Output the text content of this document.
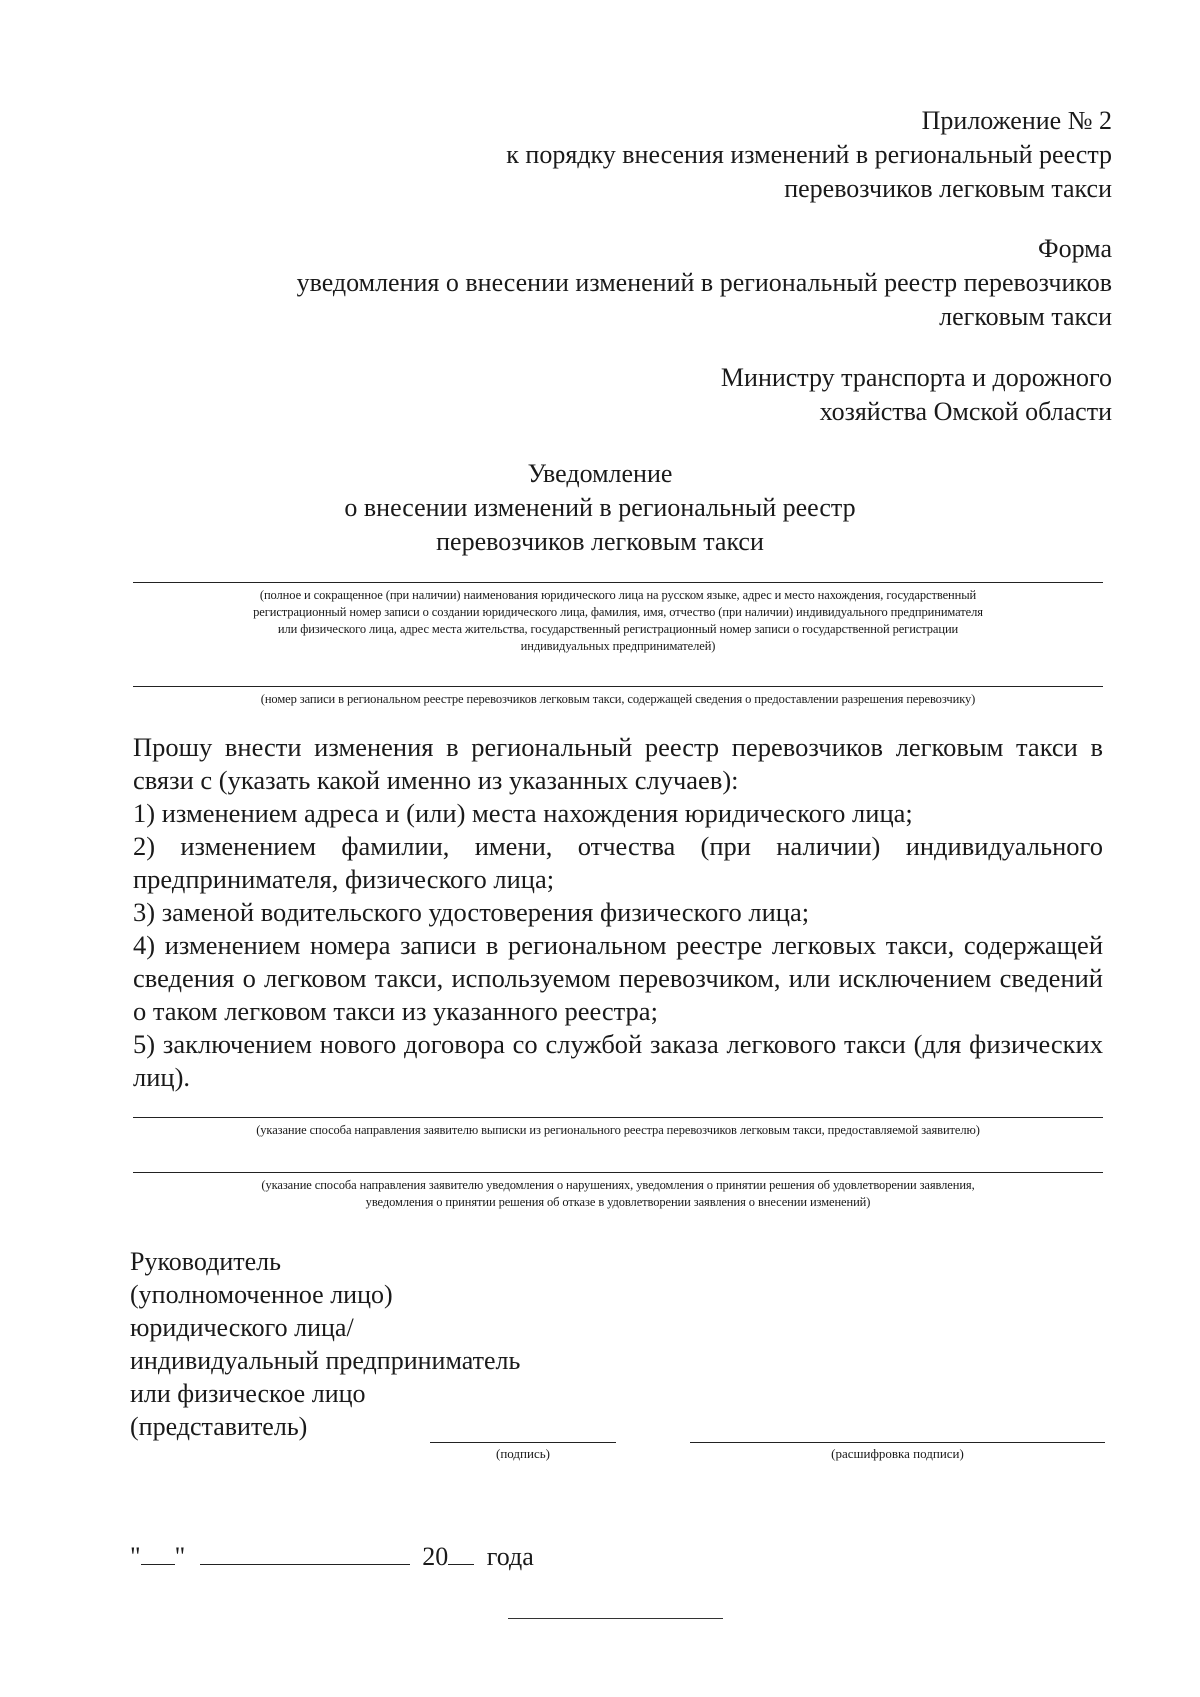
Приложение № 2
к порядку внесения изменений в региональный реестр
перевозчиков легковым такси
Форма
уведомления о внесении изменений в региональный реестр перевозчиков
легковым такси
Министру транспорта и дорожного
хозяйства Омской области
Уведомление
о внесении изменений в региональный реестр
перевозчиков легковым такси
(полное и сокращенное (при наличии) наименования юридического лица на русском языке, адрес и место нахождения, государственный
регистрационный номер записи о создании юридического лица, фамилия, имя, отчество (при наличии) индивидуального предпринимателя
или физического лица, адрес места жительства, государственный регистрационный номер записи о государственной регистрации
индивидуальных предпринимателей)
(номер записи в региональном реестре перевозчиков легковым такси, содержащей сведения о предоставлении разрешения перевозчику)

Прошу внести изменения в региональный реестр перевозчиков легковым такси в связи с (указать какой именно из указанных случаев):

1) изменением адреса и (или) места нахождения юридического лица;

2) изменением фамилии, имени, отчества (при наличии) индивидуального предпринимателя, физического лица;

3) заменой водительского удостоверения физического лица;

4) изменением номера записи в региональном реестре легковых такси, содержащей сведения о легковом такси, используемом перевозчиком, или исключением сведений о таком легковом такси из указанного реестра;

5) заключением нового договора со службой заказа легкового такси (для физических лиц).

(указание способа направления заявителю выписки из регионального реестра перевозчиков легковым такси, предоставляемой заявителю)
(указание способа направления заявителю уведомления о нарушениях, уведомления о принятии решения об удовлетворении заявления,
уведомления о принятии решения об отказе в удовлетворении заявления о внесении изменений)
Руководитель
(уполномоченное лицо)
юридического лица/
индивидуальный предприниматель
или физическое лицо
(представитель)
(подпись)	(расшифровка подписи)
" "	20 года
